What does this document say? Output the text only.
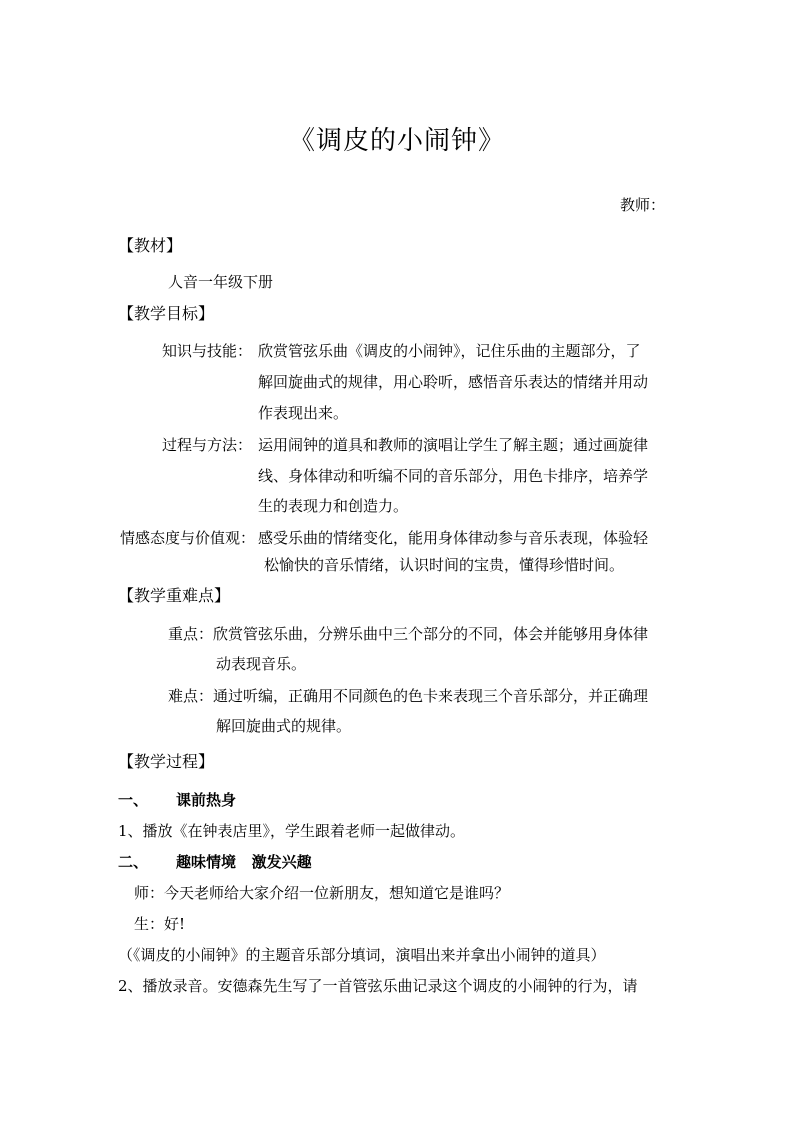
《调皮的小闹钟》
教师：
【教材】
人音一年级下册
【教学目标】
知识与技能： 欣赏管弦乐曲《调皮的小闹钟》，记住乐曲的主题部分，了
解回旋曲式的规律，用心聆听，感悟音乐表达的情绪并用动
作表现出来。
过程与方法： 运用闹钟的道具和教师的演唱让学生了解主题；通过画旋律
线、身体律动和听编不同的音乐部分，用色卡排序，培养学
生的表现力和创造力。
情感态度与价值观： 感受乐曲的情绪变化，能用身体律动参与音乐表现，体验轻
松愉快的音乐情绪，认识时间的宝贵，懂得珍惜时间。
【教学重难点】
重点：欣赏管弦乐曲，分辨乐曲中三个部分的不同，体会并能够用身体律
动表现音乐。
难点：通过听编，正确用不同颜色的色卡来表现三个音乐部分，并正确理
解回旋曲式的规律。
【教学过程】
一、 课前热身
1、播放《在钟表店里》，学生跟着老师一起做律动。
二、 趣味情境   激发兴趣
师：今天老师给大家介绍一位新朋友，想知道它是谁吗？
生：好!
（《调皮的小闹钟》的主题音乐部分填词，演唱出来并拿出小闹钟的道具）
2、播放录音。安德森先生写了一首管弦乐曲记录这个调皮的小闹钟的行为，请
